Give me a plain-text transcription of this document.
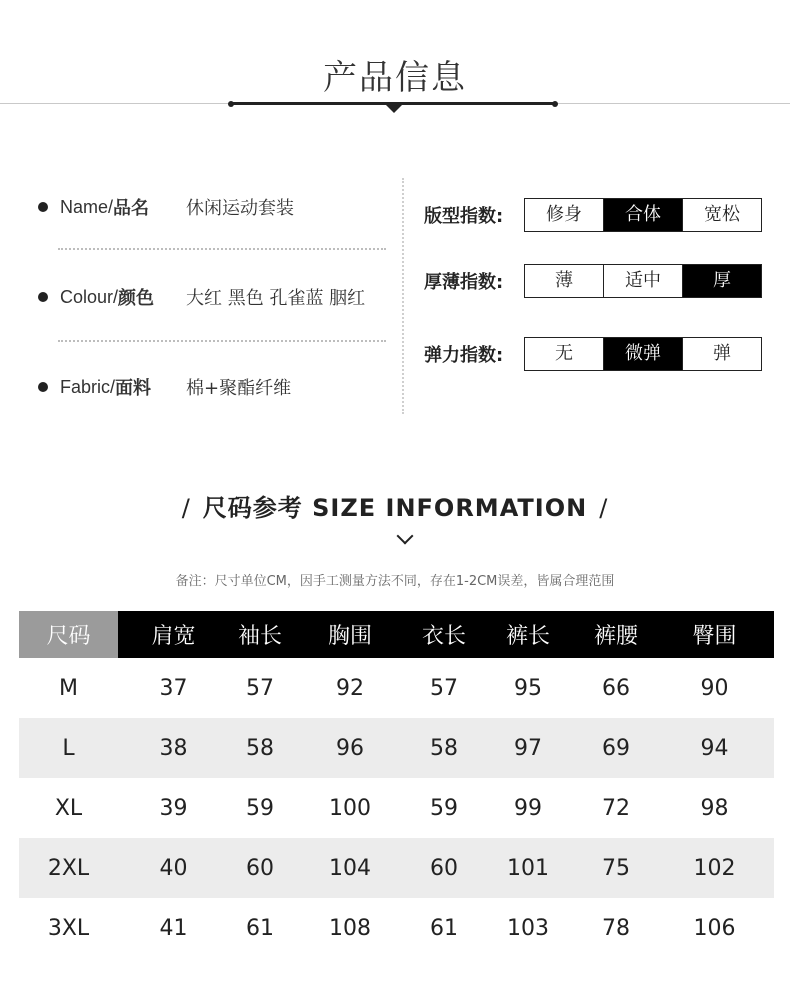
产品信息
Name/ 品名 休闲运动套装
Colour/ 颜色 大红 黑色 孔雀蓝 胭红
Fabric/ 面料 棉+聚酯纤维
版型指数:	修身	合体	宽松
厚薄指数:	薄	适中	厚
弹力指数:	无	微弹	弹
/ 尺码参考 SIZE INFORMATION /
备注：尺寸单位CM，因手工测量方法不同，存在1-2CM误差，皆属合理范围
尺码	肩宽	袖长	胸围	衣长	裤长	裤腰	臀围
M	37	57	92	57	95	66	90
L	38	58	96	58	97	69	94
XL	39	59	100	59	99	72	98
2XL	40	60	104	60	101	75	102
3XL	41	61	108	61	103	78	106
